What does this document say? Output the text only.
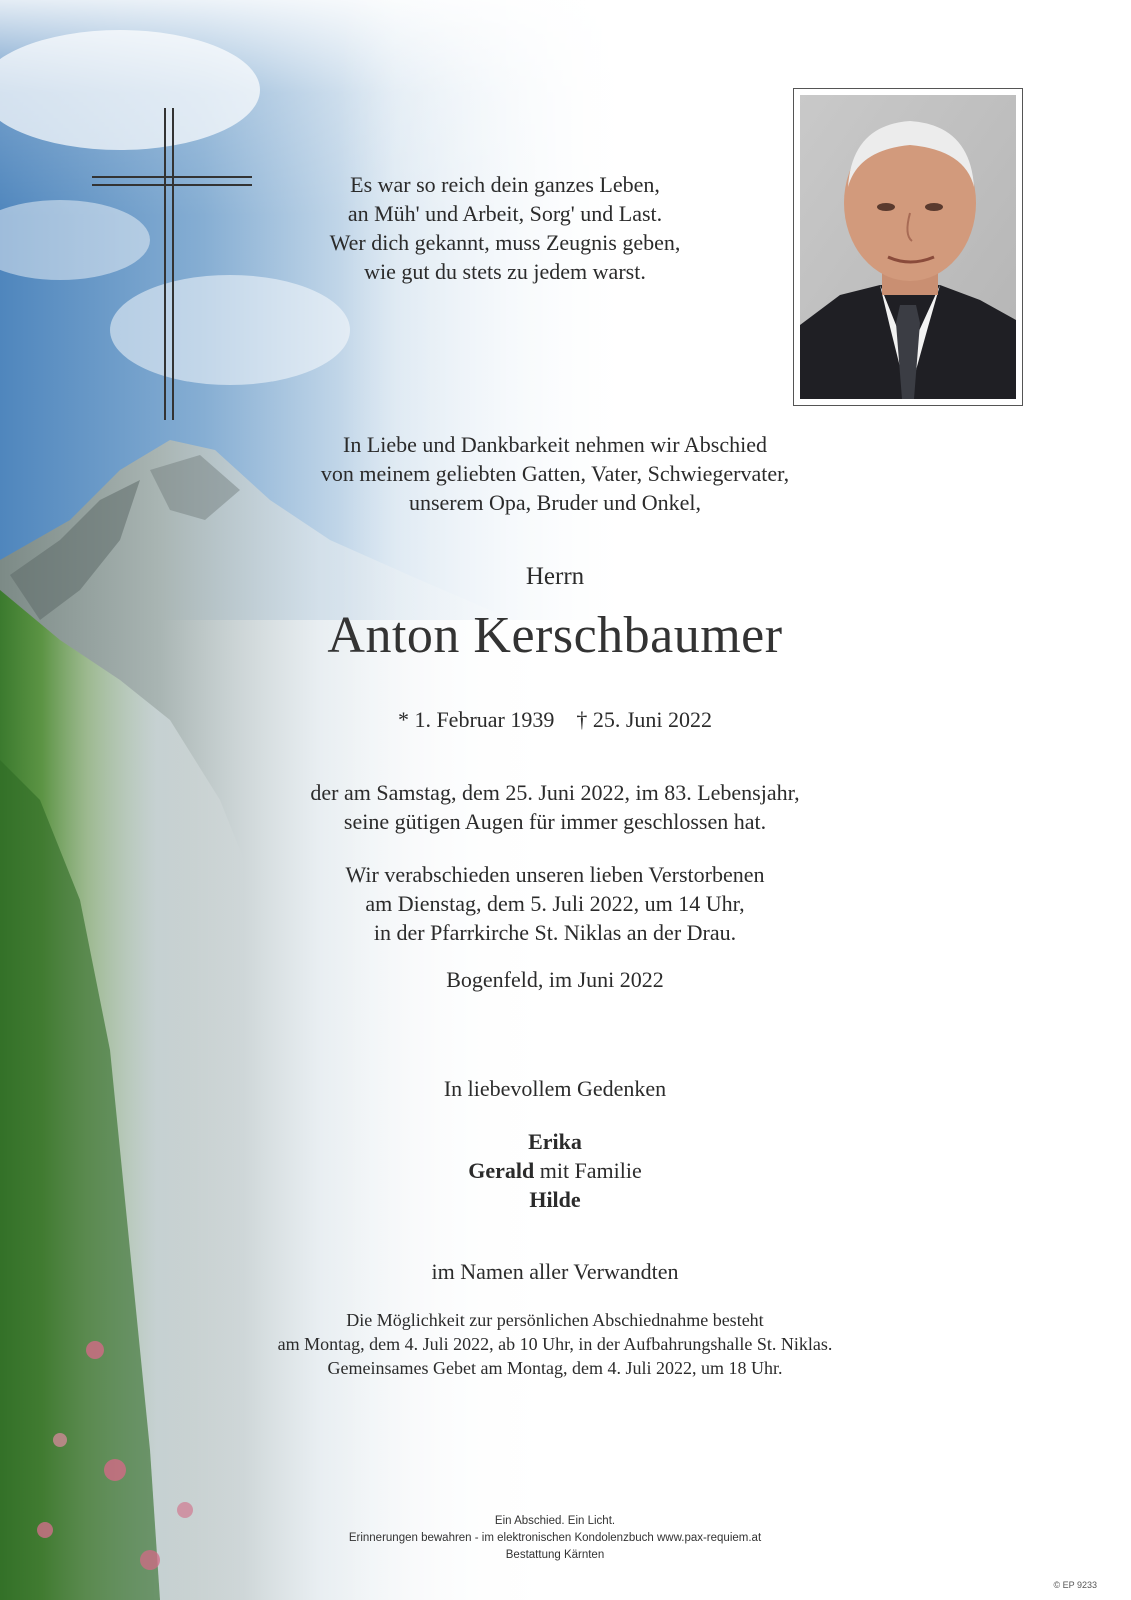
Es war so reich dein ganzes Leben,
an Müh' und Arbeit, Sorg' und Last.
Wer dich gekannt, muss Zeugnis geben,
wie gut du stets zu jedem warst.
In Liebe und Dankbarkeit nehmen wir Abschied
von meinem geliebten Gatten, Vater, Schwiegervater,
unserem Opa, Bruder und Onkel,
Herrn
Anton Kerschbaumer
* 1. Februar 1939 † 25. Juni 2022
der am Samstag, dem 25. Juni 2022, im 83. Lebensjahr,
seine gütigen Augen für immer geschlossen hat.
Wir verabschieden unseren lieben Verstorbenen
am Dienstag, dem 5. Juli 2022, um 14 Uhr,
in der Pfarrkirche St. Niklas an der Drau.
Bogenfeld, im Juni 2022
In liebevollem Gedenken
Erika
Gerald mit Familie
Hilde
im Namen aller Verwandten
Die Möglichkeit zur persönlichen Abschiednahme besteht
am Montag, dem 4. Juli 2022, ab 10 Uhr, in der Aufbahrungshalle St. Niklas.
Gemeinsames Gebet am Montag, dem 4. Juli 2022, um 18 Uhr.
Ein Abschied. Ein Licht.
Erinnerungen bewahren - im elektronischen Kondolenzbuch www.pax-requiem.at
Bestattung Kärnten
© EP 9233
